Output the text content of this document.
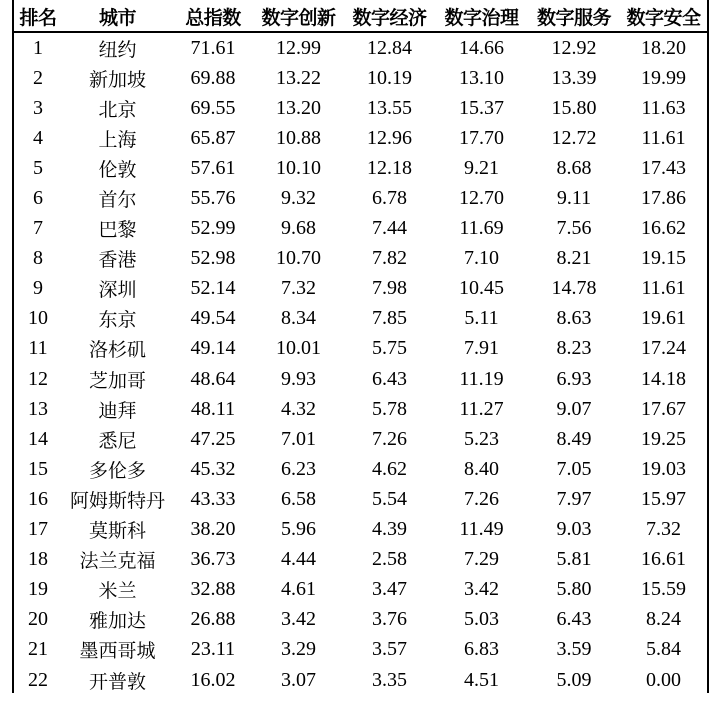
排名	城市	总指数	数字创新	数字经济	数字治理	数字服务	数字安全
1	纽约	71.61	12.99	12.84	14.66	12.92	18.20
2	新加坡	69.88	13.22	10.19	13.10	13.39	19.99
3	北京	69.55	13.20	13.55	15.37	15.80	11.63
4	上海	65.87	10.88	12.96	17.70	12.72	11.61
5	伦敦	57.61	10.10	12.18	9.21	8.68	17.43
6	首尔	55.76	9.32	6.78	12.70	9.11	17.86
7	巴黎	52.99	9.68	7.44	11.69	7.56	16.62
8	香港	52.98	10.70	7.82	7.10	8.21	19.15
9	深圳	52.14	7.32	7.98	10.45	14.78	11.61
10	东京	49.54	8.34	7.85	5.11	8.63	19.61
11	洛杉矶	49.14	10.01	5.75	7.91	8.23	17.24
12	芝加哥	48.64	9.93	6.43	11.19	6.93	14.18
13	迪拜	48.11	4.32	5.78	11.27	9.07	17.67
14	悉尼	47.25	7.01	7.26	5.23	8.49	19.25
15	多伦多	45.32	6.23	4.62	8.40	7.05	19.03
16	阿姆斯特丹	43.33	6.58	5.54	7.26	7.97	15.97
17	莫斯科	38.20	5.96	4.39	11.49	9.03	7.32
18	法兰克福	36.73	4.44	2.58	7.29	5.81	16.61
19	米兰	32.88	4.61	3.47	3.42	5.80	15.59
20	雅加达	26.88	3.42	3.76	5.03	6.43	8.24
21	墨西哥城	23.11	3.29	3.57	6.83	3.59	5.84
22	开普敦	16.02	3.07	3.35	4.51	5.09	0.00
